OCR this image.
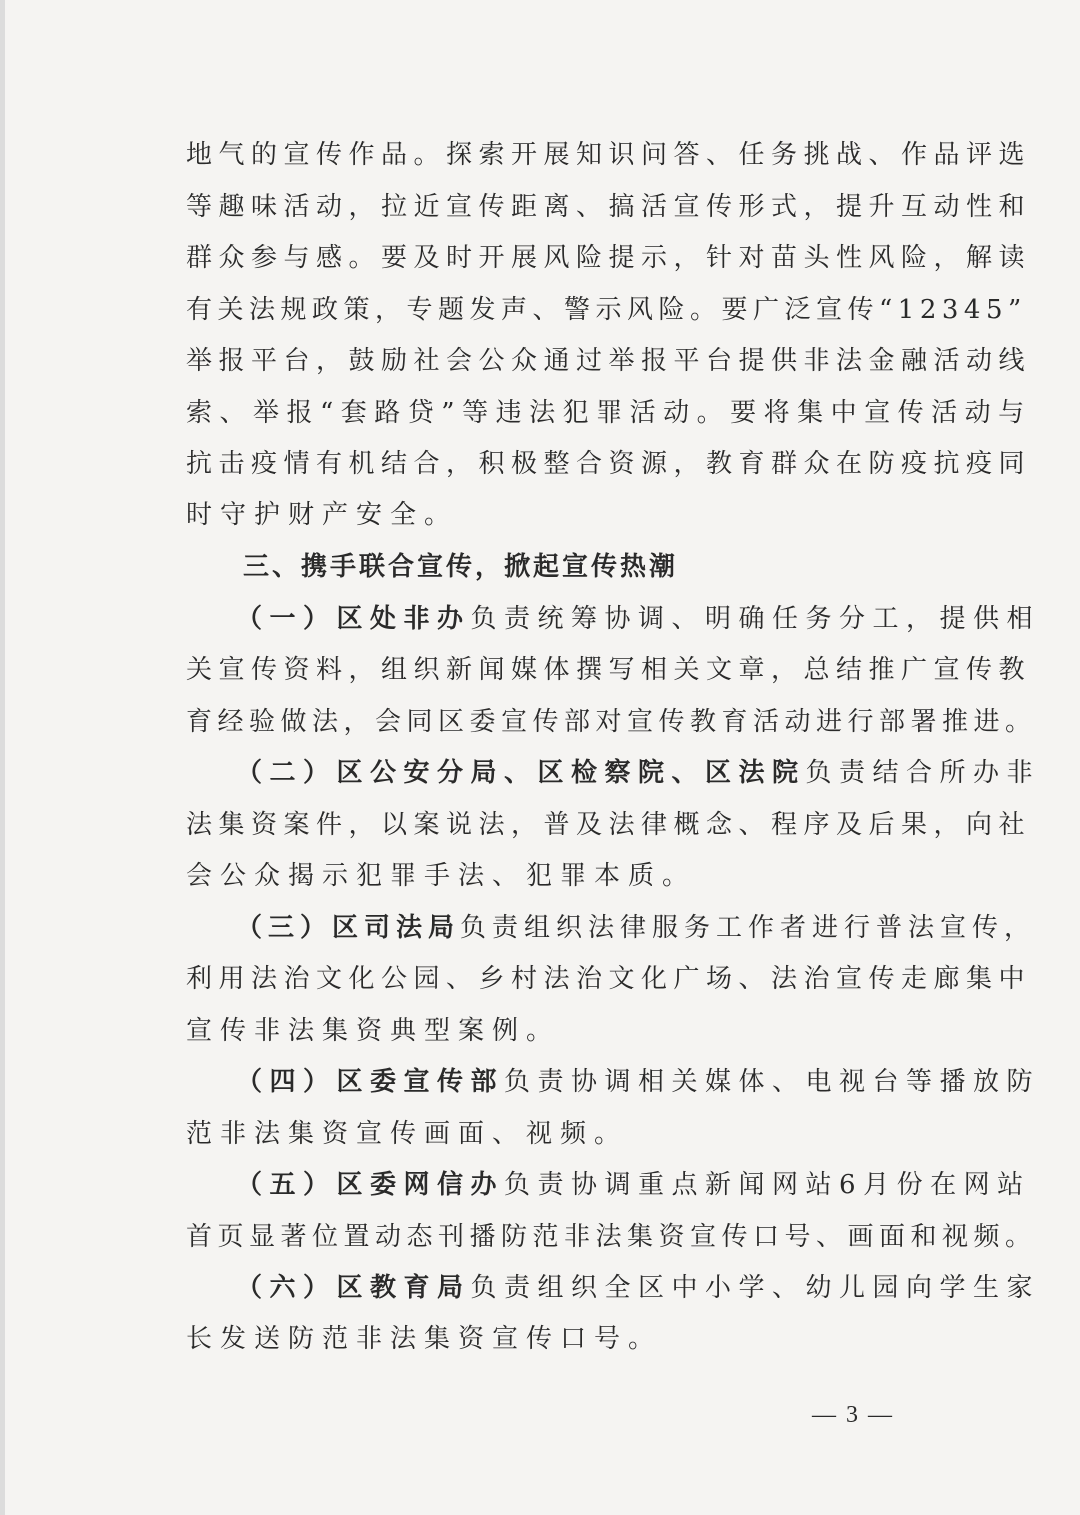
地气的宣传作品。探索开展知识问答、任务挑战、作品评选
等趣味活动，拉近宣传距离、搞活宣传形式，提升互动性和
群众参与感。要及时开展风险提示，针对苗头性风险，解读
有关法规政策，专题发声、警示风险。要广泛宣传“12345”
举报平台，鼓励社会公众通过举报平台提供非法金融活动线
索、举报“套路贷”等违法犯罪活动。要将集中宣传活动与
抗击疫情有机结合，积极整合资源，教育群众在防疫抗疫同
时守护财产安全。
三、携手联合宣传，掀起宣传热潮
（一）区处非办负责统筹协调、明确任务分工，提供相
关宣传资料，组织新闻媒体撰写相关文章，总结推广宣传教
育经验做法，会同区委宣传部对宣传教育活动进行部署推进。
（二）区公安分局、区检察院、区法院负责结合所办非
法集资案件，以案说法，普及法律概念、程序及后果，向社
会公众揭示犯罪手法、犯罪本质。
（三）区司法局负责组织法律服务工作者进行普法宣传，
利用法治文化公园、乡村法治文化广场、法治宣传走廊集中
宣传非法集资典型案例。
（四）区委宣传部负责协调相关媒体、电视台等播放防
范非法集资宣传画面、视频。
（五）区委网信办负责协调重点新闻网站6月份在网站
首页显著位置动态刊播防范非法集资宣传口号、画面和视频。
（六）区教育局负责组织全区中小学、幼儿园向学生家
长发送防范非法集资宣传口号。
— 3 —
